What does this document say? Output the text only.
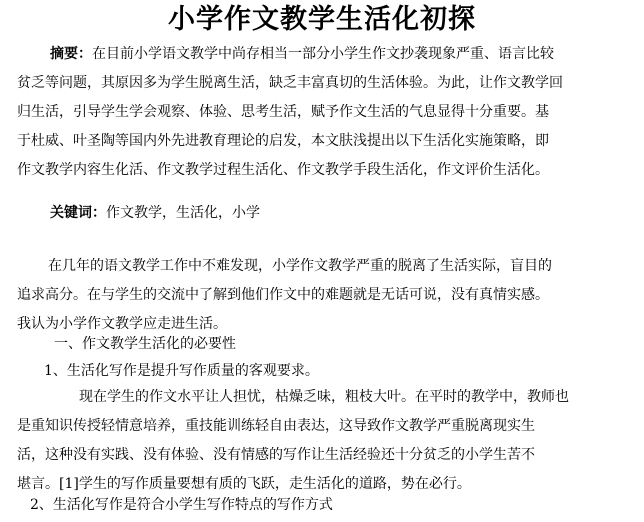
小学作文教学生活化初探
摘要：在目前小学语文教学中尚存相当一部分小学生作文抄袭现象严重、语言比较
贫乏等问题，其原因多为学生脱离生活，缺乏丰富真切的生活体验。为此，让作文教学回
归生活，引导学生学会观察、体验、思考生活，赋予作文生活的气息显得十分重要。基
于杜威、叶圣陶等国内外先进教育理论的启发，本文肤浅提出以下生活化实施策略，即
作文教学内容生化活、作文教学过程生活化、作文教学手段生活化，作文评价生活化。
关键词：作文教学，生活化，小学
在几年的语文教学工作中不难发现，小学作文教学严重的脱离了生活实际，盲目的
追求高分。在与学生的交流中了解到他们作文中的难题就是无话可说，没有真情实感。
我认为小学作文教学应走进生活。
一、作文教学生活化的必要性
1、生活化写作是提升写作质量的客观要求。
现在学生的作文水平让人担忧，枯燥乏味，粗枝大叶。在平时的教学中，教师也
是重知识传授轻情意培养，重技能训练轻自由表达，这导致作文教学严重脱离现实生
活，这种没有实践、没有体验、没有情感的写作让生活经验还十分贫乏的小学生苦不
堪言。[1]学生的写作质量要想有质的飞跃，走生活化的道路，势在必行。
2、生活化写作是符合小学生写作特点的写作方式
